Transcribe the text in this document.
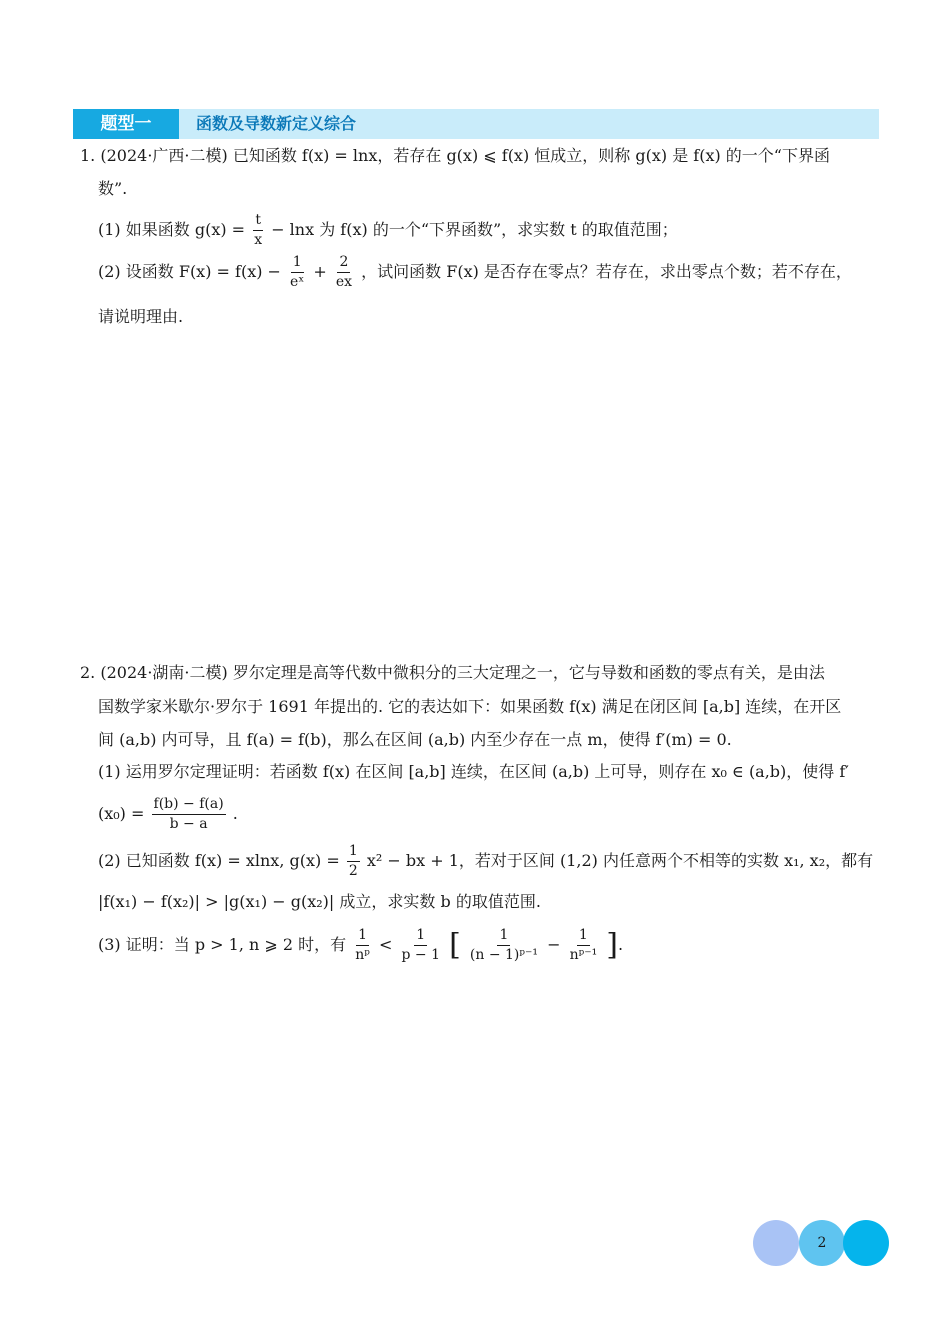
题型一	函数及导数新定义综合
1. (2024·广西·二模) 已知函数 f(x) = lnx，若存在 g(x) ⩽ f(x) 恒成立，则称 g(x) 是 f(x) 的一个“下界函
数”.
(1) 如果函数 $g(x) = \frac{t}{x} - \ln x$ 为 f(x) 的一个“下界函数”，求实数 t 的取值范围；
(2) 设函数 $F(x) = f(x) - \frac{1}{\text{eˣ}} + \frac{2}{ex}$ ，试问函数 F(x) 是否存在零点？若存在，求出零点个数；若不存在，
请说明理由.
2. (2024·湖南·二模) 罗尔定理是高等代数中微积分的三大定理之一，它与导数和函数的零点有关，是由法
国数学家米歇尔·罗尔于 1691 年提出的. 它的表达如下：如果函数 f(x) 满足在闭区间 [a,b] 连续，在开区
间 (a,b) 内可导，且 f(a) = f(b)，那么在区间 (a,b) 内至少存在一点 m，使得 f′(m) = 0.
(1) 运用罗尔定理证明：若函数 f(x) 在区间 [a,b] 连续，在区间 (a,b) 上可导，则存在 x₀ ∈ (a,b)，使得 f′
$(x_0) = \frac{f(b) - f(a)}{b - a}$ .
(2) 已知函数 f(x) = xlnx, $g(x) = \frac{1}{2} x^2$ − bx + 1，若对于区间 (1,2) 内任意两个不相等的实数 x₁, x₂，都有
|f(x₁) − f(x₂)| > |g(x₁) − g(x₂)| 成立，求实数 b 的取值范围.
(3) 证明：当 p > 1, n ⩾ 2 时，有 $\frac{1}{\text{nᵖ}} < \frac{1}{p - 1}$ [ $\frac{1}{\text{(n − 1)ᵖ⁻¹}} - \frac{1}{\text{nᵖ⁻¹}}$ ].
2
